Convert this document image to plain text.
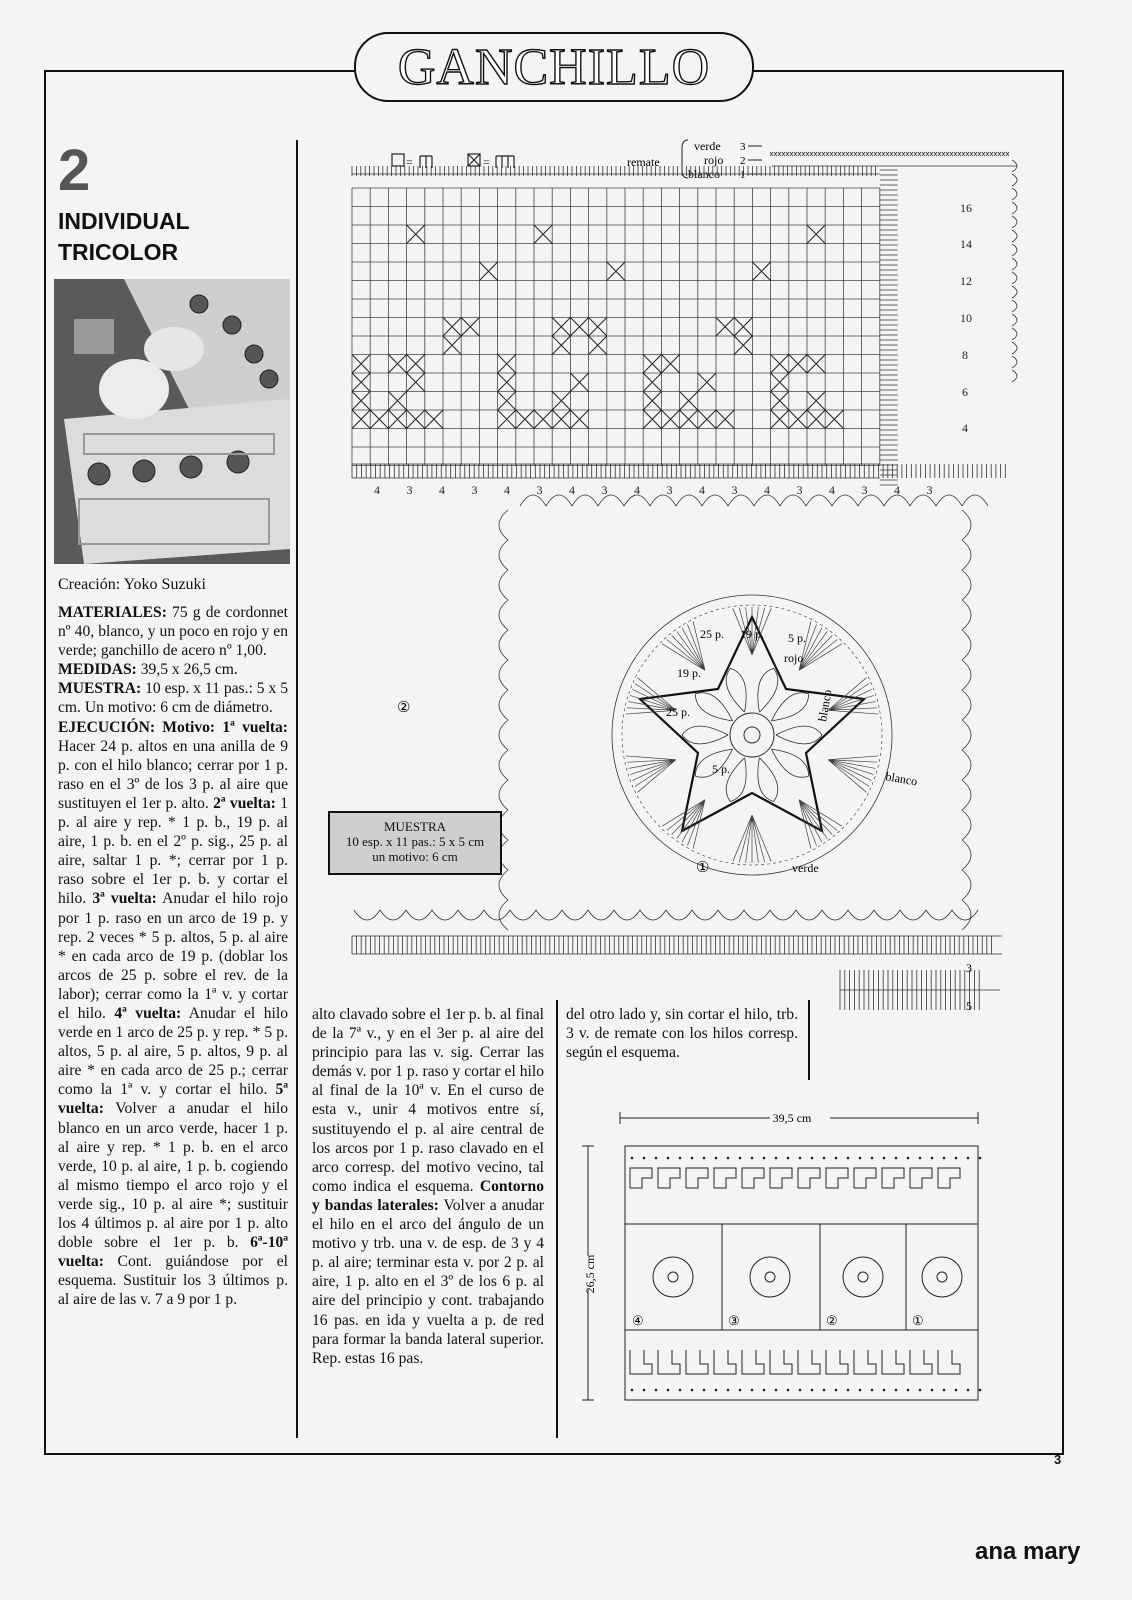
GANCHILLO
2
INDIVIDUAL
TRICOLOR
Creación: Yoko Suzuki
MATERIALES: 75 g de cordonnet nº 40, blanco, y un poco en rojo y en verde; ganchillo de acero nº 1,00.
MEDIDAS: 39,5 x 26,5 cm.
MUESTRA: 10 esp. x 11 pas.: 5 x 5 cm. Un motivo: 6 cm de diámetro.
EJECUCIÓN: Motivo: 1ª vuelta: Hacer 24 p. altos en una anilla de 9 p. con el hilo blanco; cerrar por 1 p. raso en el 3º de los 3 p. al aire que sustituyen el 1er p. alto. 2ª vuelta: 1 p. al aire y rep. * 1 p. b., 19 p. al aire, 1 p. b. en el 2º p. sig., 25 p. al aire, saltar 1 p. *; cerrar por 1 p. raso sobre el 1er p. b. y cortar el hilo. 3ª vuelta: Anudar el hilo rojo por 1 p. raso en un arco de 19 p. y rep. 2 veces * 5 p. altos, 5 p. al aire * en cada arco de 19 p. (doblar los arcos de 25 p. sobre el rev. de la labor); cerrar como la 1ª v. y cortar el hilo. 4ª vuelta: Anudar el hilo verde en 1 arco de 25 p. y rep. * 5 p. altos, 5 p. al aire, 5 p. altos, 9 p. al aire * en cada arco de 25 p.; cerrar como la 1ª v. y cortar el hilo. 5ª vuelta: Volver a anudar el hilo blanco en un arco verde, hacer 1 p. al aire y rep. * 1 p. b. en el arco verde, 10 p. al aire, 1 p. b. cogiendo al mismo tiempo el arco rojo y el verde sig., 10 p. al aire *; sustituir los 4 últimos p. al aire por 1 p. alto doble sobre el 1er p. b. 6ª-10ª vuelta: Cont. guiándose por el esquema. Sustituir los 3 últimos p. al aire de las v. 7 a 9 por 1 p.
alto clavado sobre el 1er p. b. al final de la 7ª v., y en el 3er p. al aire del principio para las v. sig. Cerrar las demás v. por 1 p. raso y cortar el hilo al final de la 10ª v. En el curso de esta v., unir 4 motivos entre sí, sustituyendo el p. al aire central de los arcos por 1 p. raso clavado en el arco corresp. del motivo vecino, tal como indica el esquema. Contorno y bandas laterales: Volver a anudar el hilo en el arco del ángulo de un motivo y trb. una v. de esp. de 3 y 4 p. al aire; terminar esta v. por 2 p. al aire, 1 p. alto en el 3º de los 6 p. al aire del principio y cont. trabajando 16 pas. en ida y vuelta a p. de red para formar la banda lateral superior. Rep. estas 16 pas.
del otro lado y, sin cortar el hilo, trb. 3 v. de remate con los hilos corresp. según el esquema.
=	=	remate
verde 3
rojo 2
blanco 1
16
14
12
10
8
6
4
4 3 4 3 4 3 4 3 4 3 4 3 4 3 4 3 4 3
25 p. 19 p. 5 p.
19 p.
25 p.
5 p.
rojo
blanco
blanco
verde
②
①
3
5
MUESTRA
10 esp. x 11 pas.: 5 x 5 cm
un motivo: 6 cm
39,5 cm
26,5 cm
④	③	②	①
3
ana mary
